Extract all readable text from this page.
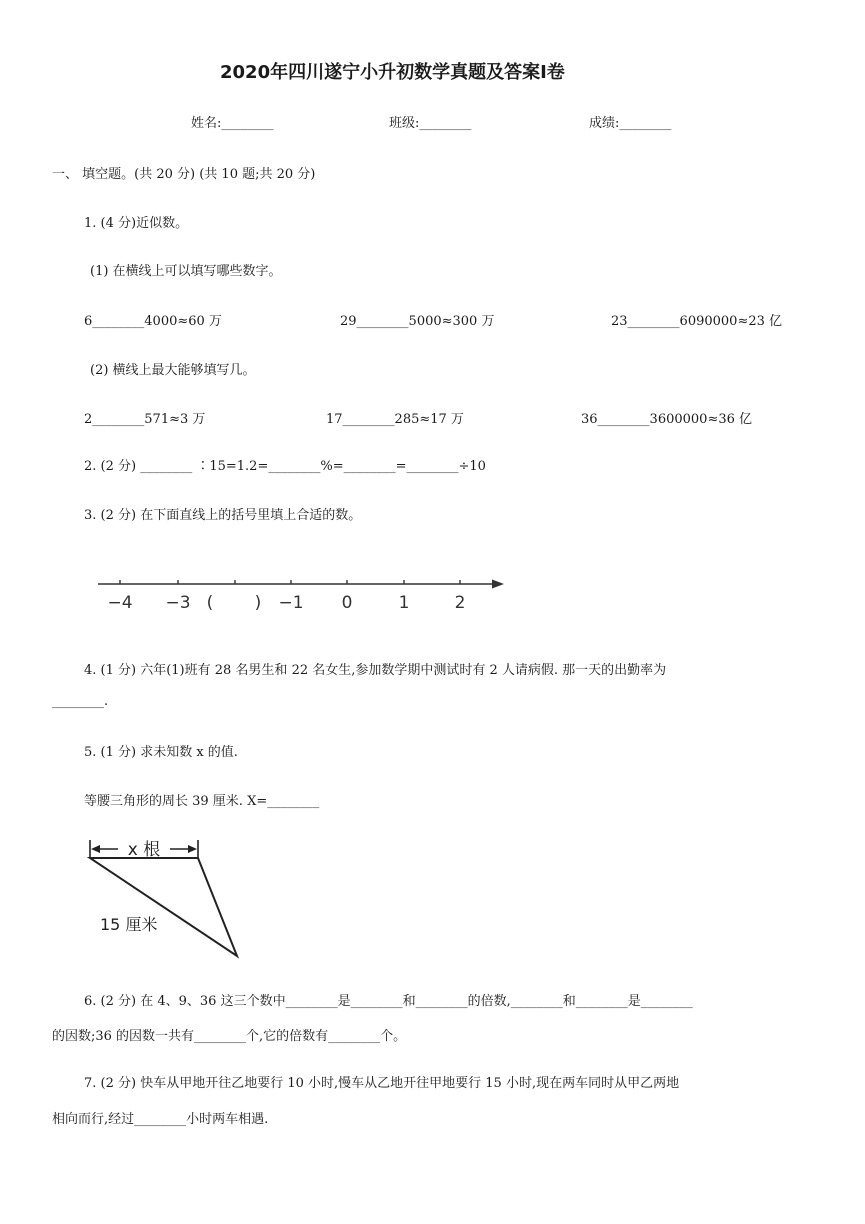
2020年四川遂宁小升初数学真题及答案Ⅰ卷
姓名:________	班级:________	成绩:________
一、 填空题。(共 20 分) (共 10 题;共 20 分)
1. (4 分)近似数。
(1) 在横线上可以填写哪些数字。
6________4000≈60 万	29________5000≈300 万	23________6090000≈23 亿
(2) 横线上最大能够填写几。
2________571≈3 万	17________285≈17 万	36________3600000≈36 亿
2. (2 分) ________ ∶15=1.2=________%=________=________÷10
3. (2 分) 在下面直线上的括号里填上合适的数。
−4 −3 ( ) −1 0	1	2
4. (1 分) 六年(1)班有 28 名男生和 22 名女生,参加数学期中测试时有 2 人请病假. 那一天的出勤率为
________.
5. (1 分) 求未知数 x 的值.
等腰三角形的周长 39 厘米. X=________
x 根
15 厘米
6. (2 分) 在 4、9、36 这三个数中________是________和________的倍数,________和________是________
的因数;36 的因数一共有________个,它的倍数有________个。
7. (2 分) 快车从甲地开往乙地要行 10 小时,慢车从乙地开往甲地要行 15 小时,现在两车同时从甲乙两地
相向而行,经过________小时两车相遇.
